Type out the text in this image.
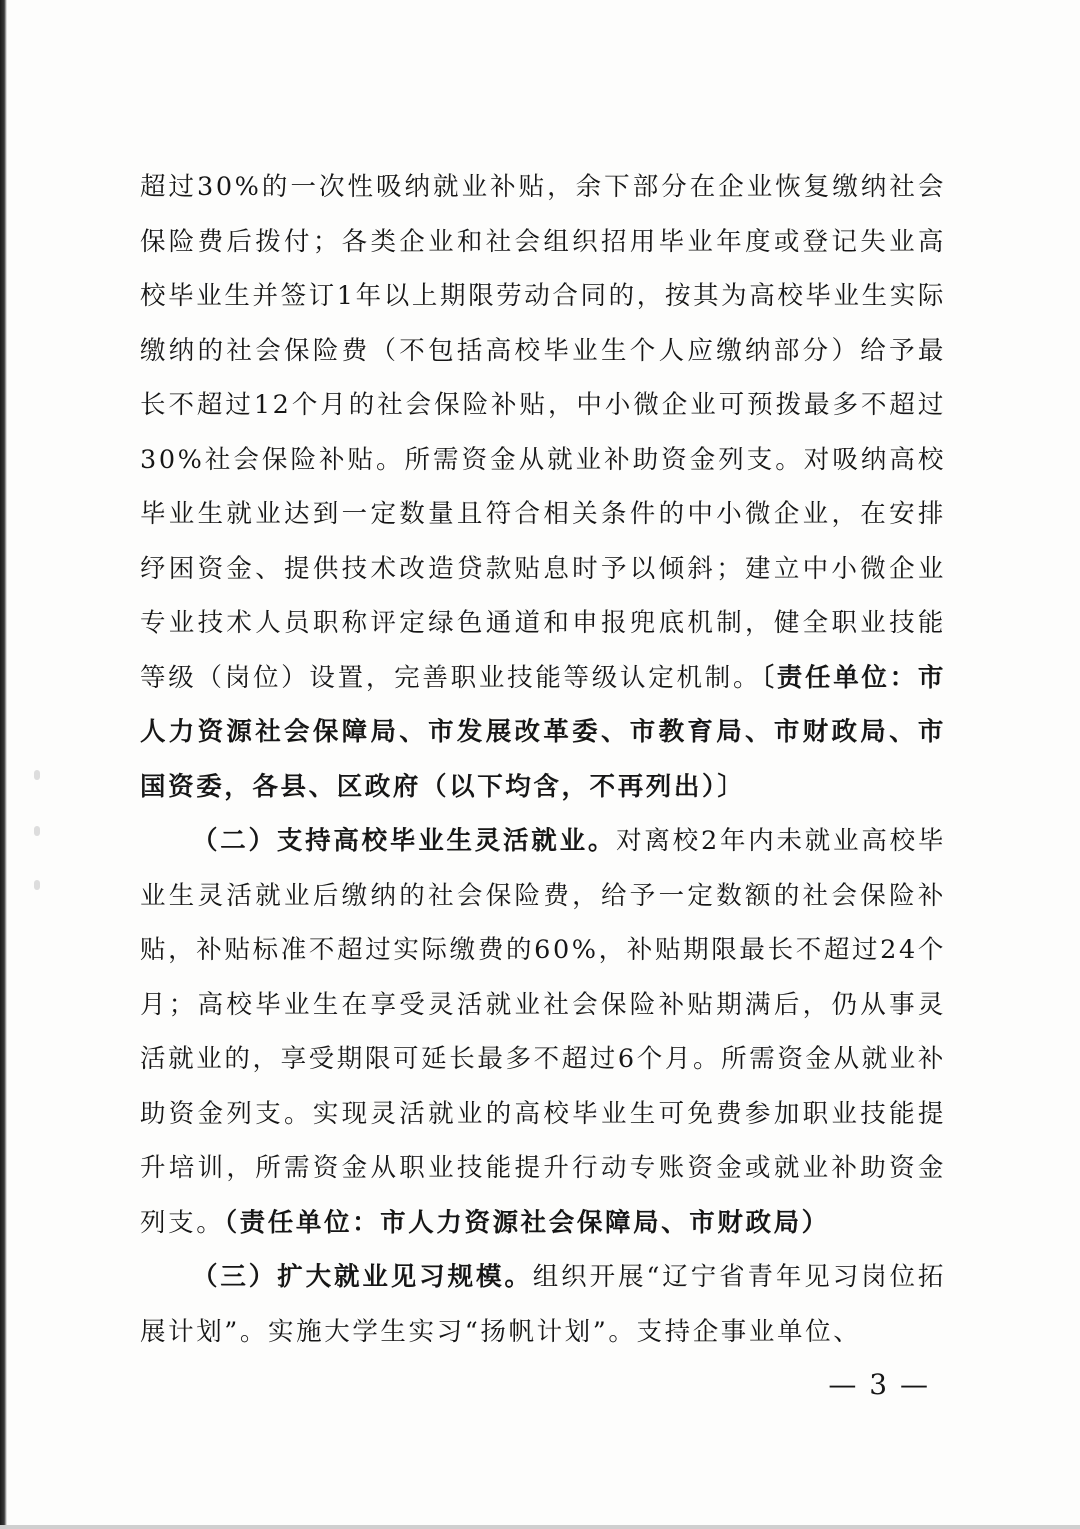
超过30%的一次性吸纳就业补贴，余下部分在企业恢复缴纳社会保险费后拨付；各类企业和社会组织招用毕业年度或登记失业高校毕业生并签订1年以上期限劳动合同的，按其为高校毕业生实际缴纳的社会保险费（不包括高校毕业生个人应缴纳部分）给予最长不超过12个月的社会保险补贴，中小微企业可预拨最多不超过30%社会保险补贴。所需资金从就业补助资金列支。对吸纳高校毕业生就业达到一定数量且符合相关条件的中小微企业，在安排纾困资金、提供技术改造贷款贴息时予以倾斜；建立中小微企业专业技术人员职称评定绿色通道和申报兜底机制，健全职业技能等级（岗位）设置，完善职业技能等级认定机制。〔责任单位：市人力资源社会保障局、市发展改革委、市教育局、市财政局、市国资委，各县、区政府（以下均含，不再列出）〕

（二）支持高校毕业生灵活就业。对离校2年内未就业高校毕业生灵活就业后缴纳的社会保险费，给予一定数额的社会保险补贴，补贴标准不超过实际缴费的60%，补贴期限最长不超过24个月；高校毕业生在享受灵活就业社会保险补贴期满后，仍从事灵活就业的，享受期限可延长最多不超过6个月。所需资金从就业补助资金列支。实现灵活就业的高校毕业生可免费参加职业技能提升培训，所需资金从职业技能提升行动专账资金或就业补助资金列支。（责任单位：市人力资源社会保障局、市财政局）

（三）扩大就业见习规模。组织开展“辽宁省青年见习岗位拓展计划”。实施大学生实习“扬帆计划”。支持企事业单位、

— 3 —
